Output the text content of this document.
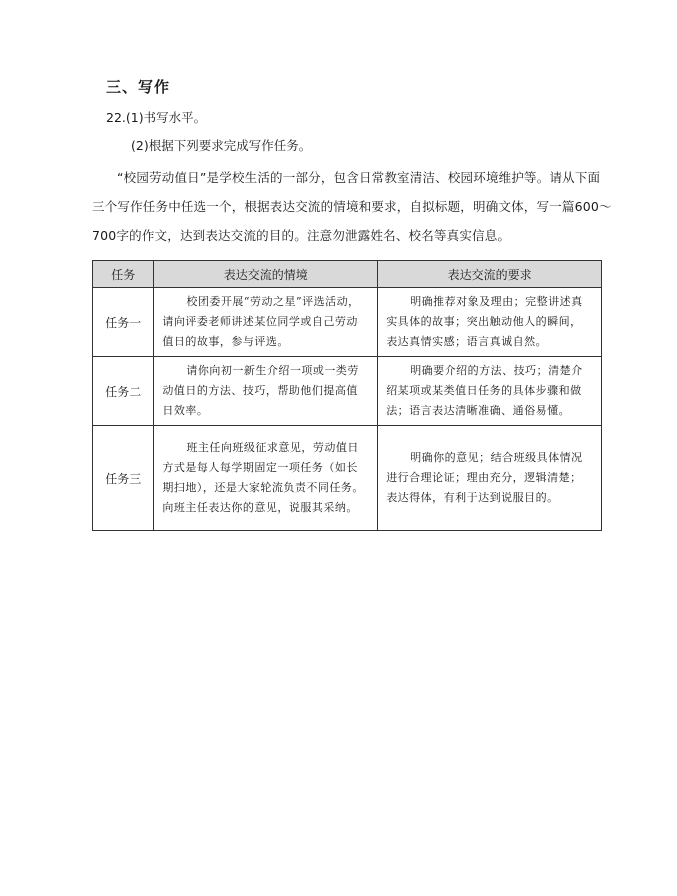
三、写作

22.(1)书写水平。

(2)根据下列要求完成写作任务。

“校园劳动值日”是学校生活的一部分，包含日常教室清洁、校园环境维护等。请从下面三个写作任务中任选一个，根据表达交流的情境和要求，自拟标题，明确文体，写一篇600～700字的作文，达到表达交流的目的。注意勿泄露姓名、校名等真实信息。

任务	表达交流的情境	表达交流的要求
任务一	校团委开展“劳动之星”评选活动，请向评委老师讲述某位同学或自己劳动值日的故事，参与评选。	明确推荐对象及理由；完整讲述真实具体的故事；突出触动他人的瞬间，表达真情实感；语言真诚自然。
任务二	请你向初一新生介绍一项或一类劳动值日的方法、技巧，帮助他们提高值日效率。	明确要介绍的方法、技巧；清楚介绍某项或某类值日任务的具体步骤和做法；语言表达清晰准确、通俗易懂。
任务三	班主任向班级征求意见，劳动值日方式是每人每学期固定一项任务（如长期扫地），还是大家轮流负责不同任务。向班主任表达你的意见，说服其采纳。	明确你的意见；结合班级具体情况进行合理论证；理由充分，逻辑清楚；表达得体，有利于达到说服目的。
